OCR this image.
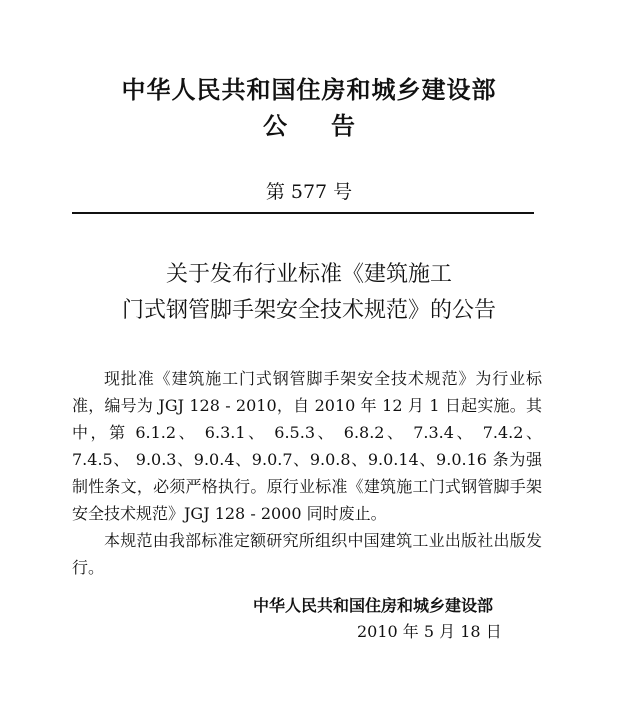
中华人民共和国住房和城乡建设部
公告
第 577 号
关于发布行业标准《建筑施工
门式钢管脚手架安全技术规范》的公告

现批准《建筑施工门式钢管脚手架安全技术规范》为行业标准，编号为 JGJ 128 - 2010，自 2010 年 12 月 1 日起实施。其中，第 6.1.2、 6.3.1、 6.5.3、 6.8.2、 7.3.4、 7.4.2、 7.4.5、 9.0.3、9.0.4、9.0.7、9.0.8、9.0.14、9.0.16 条为强制性条文，必须严格执行。原行业标准《建筑施工门式钢管脚手架安全技术规范》JGJ 128 - 2000 同时废止。

本规范由我部标准定额研究所组织中国建筑工业出版社出版发行。

中华人民共和国住房和城乡建设部
2010 年 5 月 18 日
